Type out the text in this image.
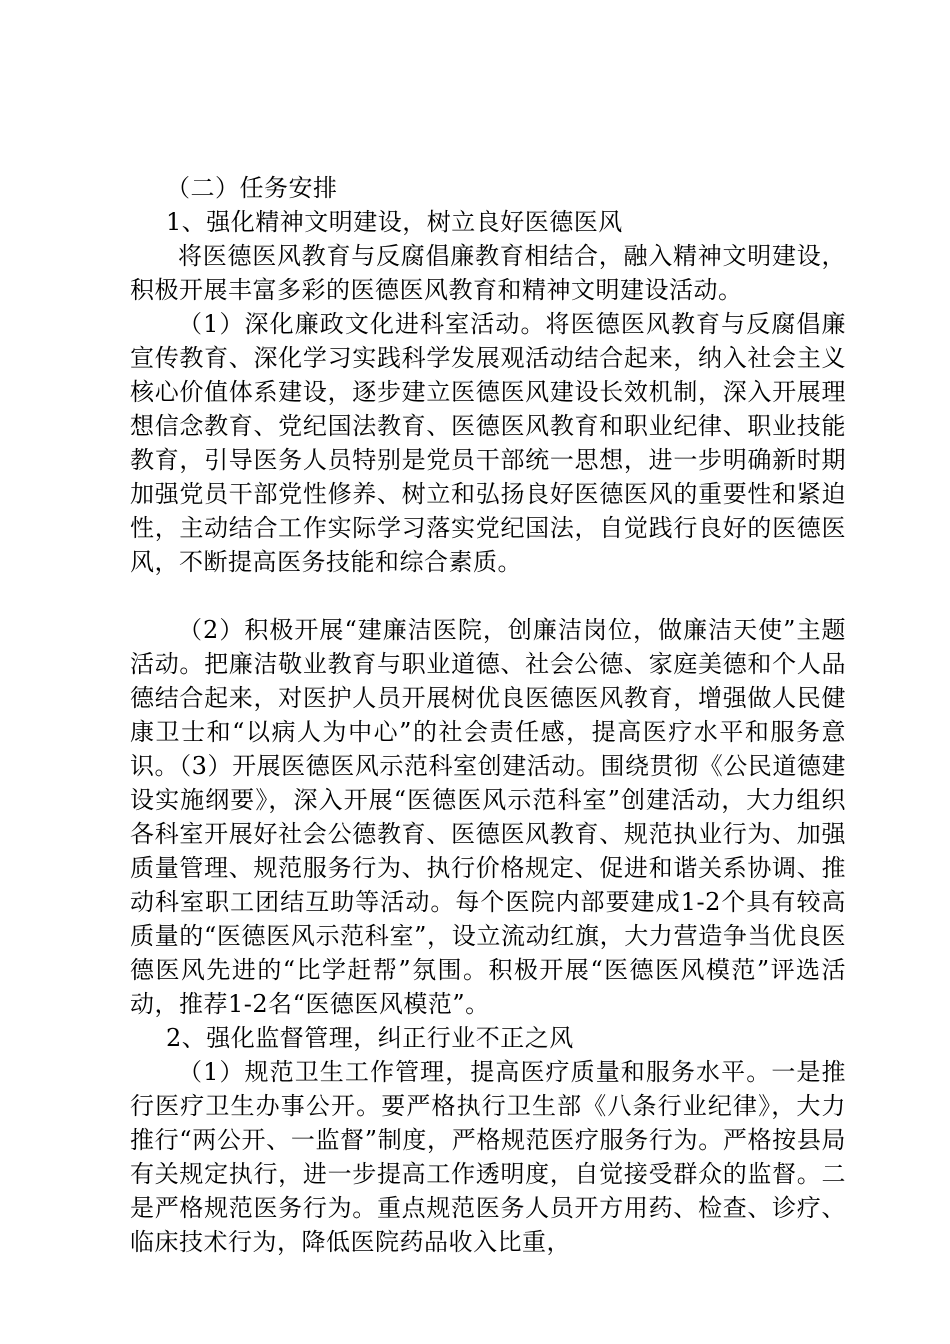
（二）任务安排

1、强化精神文明建设，树立良好医德医风

将医德医风教育与反腐倡廉教育相结合，融入精神文明建设，积极开展丰富多彩的医德医风教育和精神文明建设活动。

（1）深化廉政文化进科室活动。将医德医风教育与反腐倡廉宣传教育、深化学习实践科学发展观活动结合起来，纳入社会主义核心价值体系建设，逐步建立医德医风建设长效机制，深入开展理想信念教育、党纪国法教育、医德医风教育和职业纪律、职业技能教育，引导医务人员特别是党员干部统一思想，进一步明确新时期加强党员干部党性修养、树立和弘扬良好医德医风的重要性和紧迫性，主动结合工作实际学习落实党纪国法，自觉践行良好的医德医风，不断提高医务技能和综合素质。

（2）积极开展“建廉洁医院，创廉洁岗位，做廉洁天使”主题活动。把廉洁敬业教育与职业道德、社会公德、家庭美德和个人品德结合起来，对医护人员开展树优良医德医风教育，增强做人民健康卫士和“以病人为中心”的社会责任感，提高医疗水平和服务意识。（3）开展医德医风示范科室创建活动。围绕贯彻《公民道德建设实施纲要》，深入开展“医德医风示范科室”创建活动，大力组织各科室开展好社会公德教育、医德医风教育、规范执业行为、加强质量管理、规范服务行为、执行价格规定、促进和谐关系协调、推动科室职工团结互助等活动。每个医院内部要建成1-2个具有较高质量的“医德医风示范科室”，设立流动红旗，大力营造争当优良医德医风先进的“比学赶帮”氛围。积极开展“医德医风模范”评选活动，推荐1-2名“医德医风模范”。

2、强化监督管理，纠正行业不正之风

（1）规范卫生工作管理，提高医疗质量和服务水平。一是推行医疗卫生办事公开。要严格执行卫生部《八条行业纪律》，大力推行“两公开、一监督”制度，严格规范医疗服务行为。严格按县局有关规定执行，进一步提高工作透明度，自觉接受群众的监督。二是严格规范医务行为。重点规范医务人员开方用药、检查、诊疗、临床技术行为，降低医院药品收入比重，
